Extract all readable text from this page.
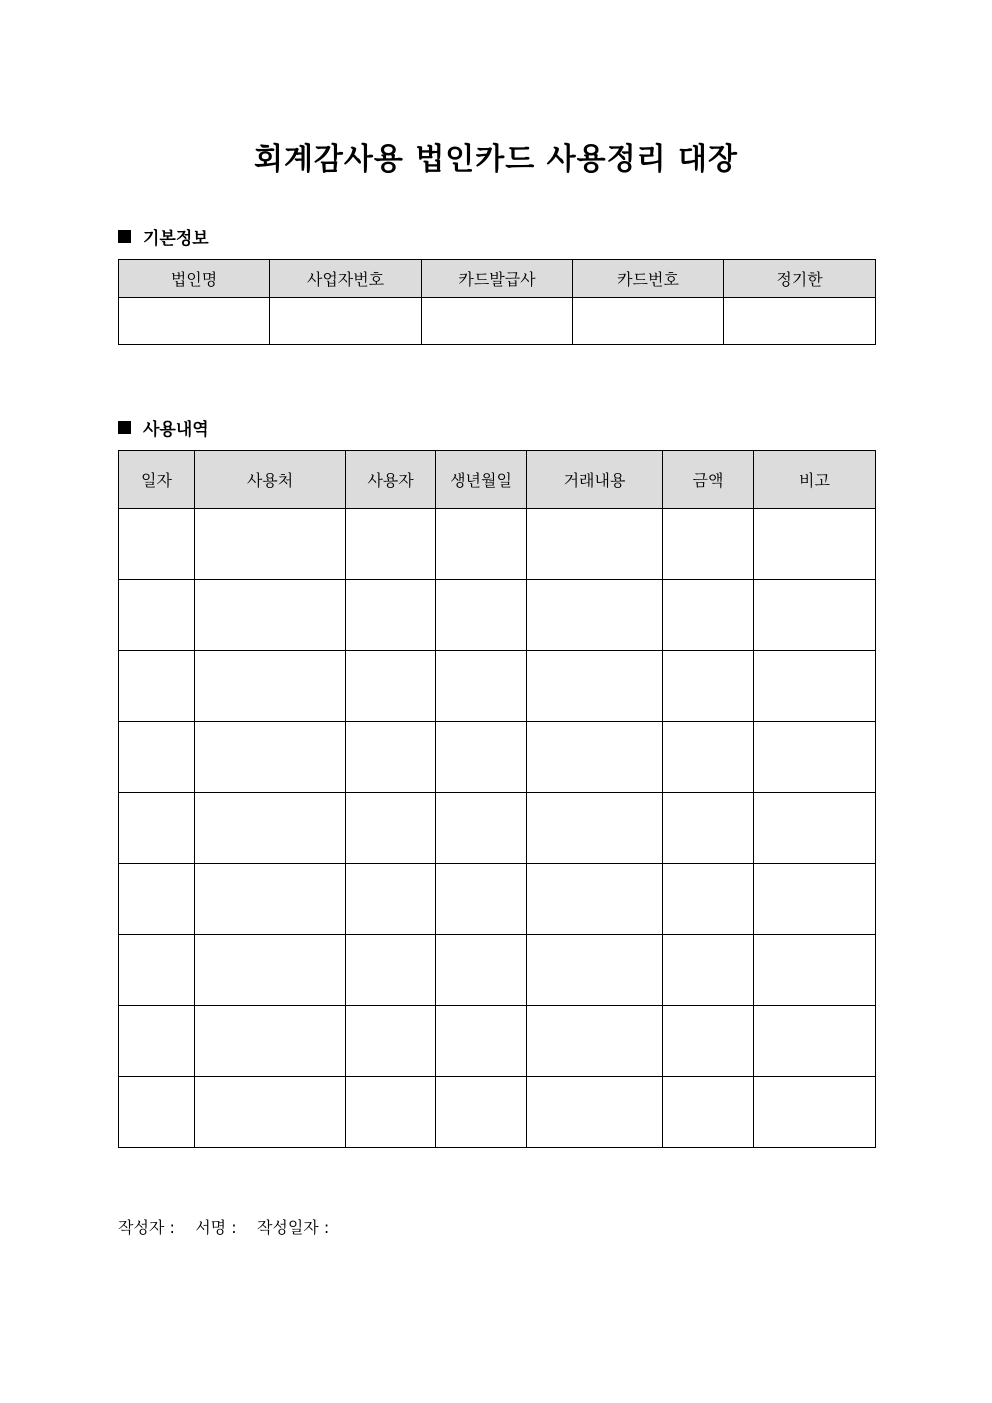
회계감사용 법인카드 사용정리 대장
기본정보
법인명	사업자번호	카드발급사	카드번호	정기한

사용내역
일자	사용처	사용자	생년월일	거래내용	금액	비고

작성자 :
서명 :
작성일자 :
